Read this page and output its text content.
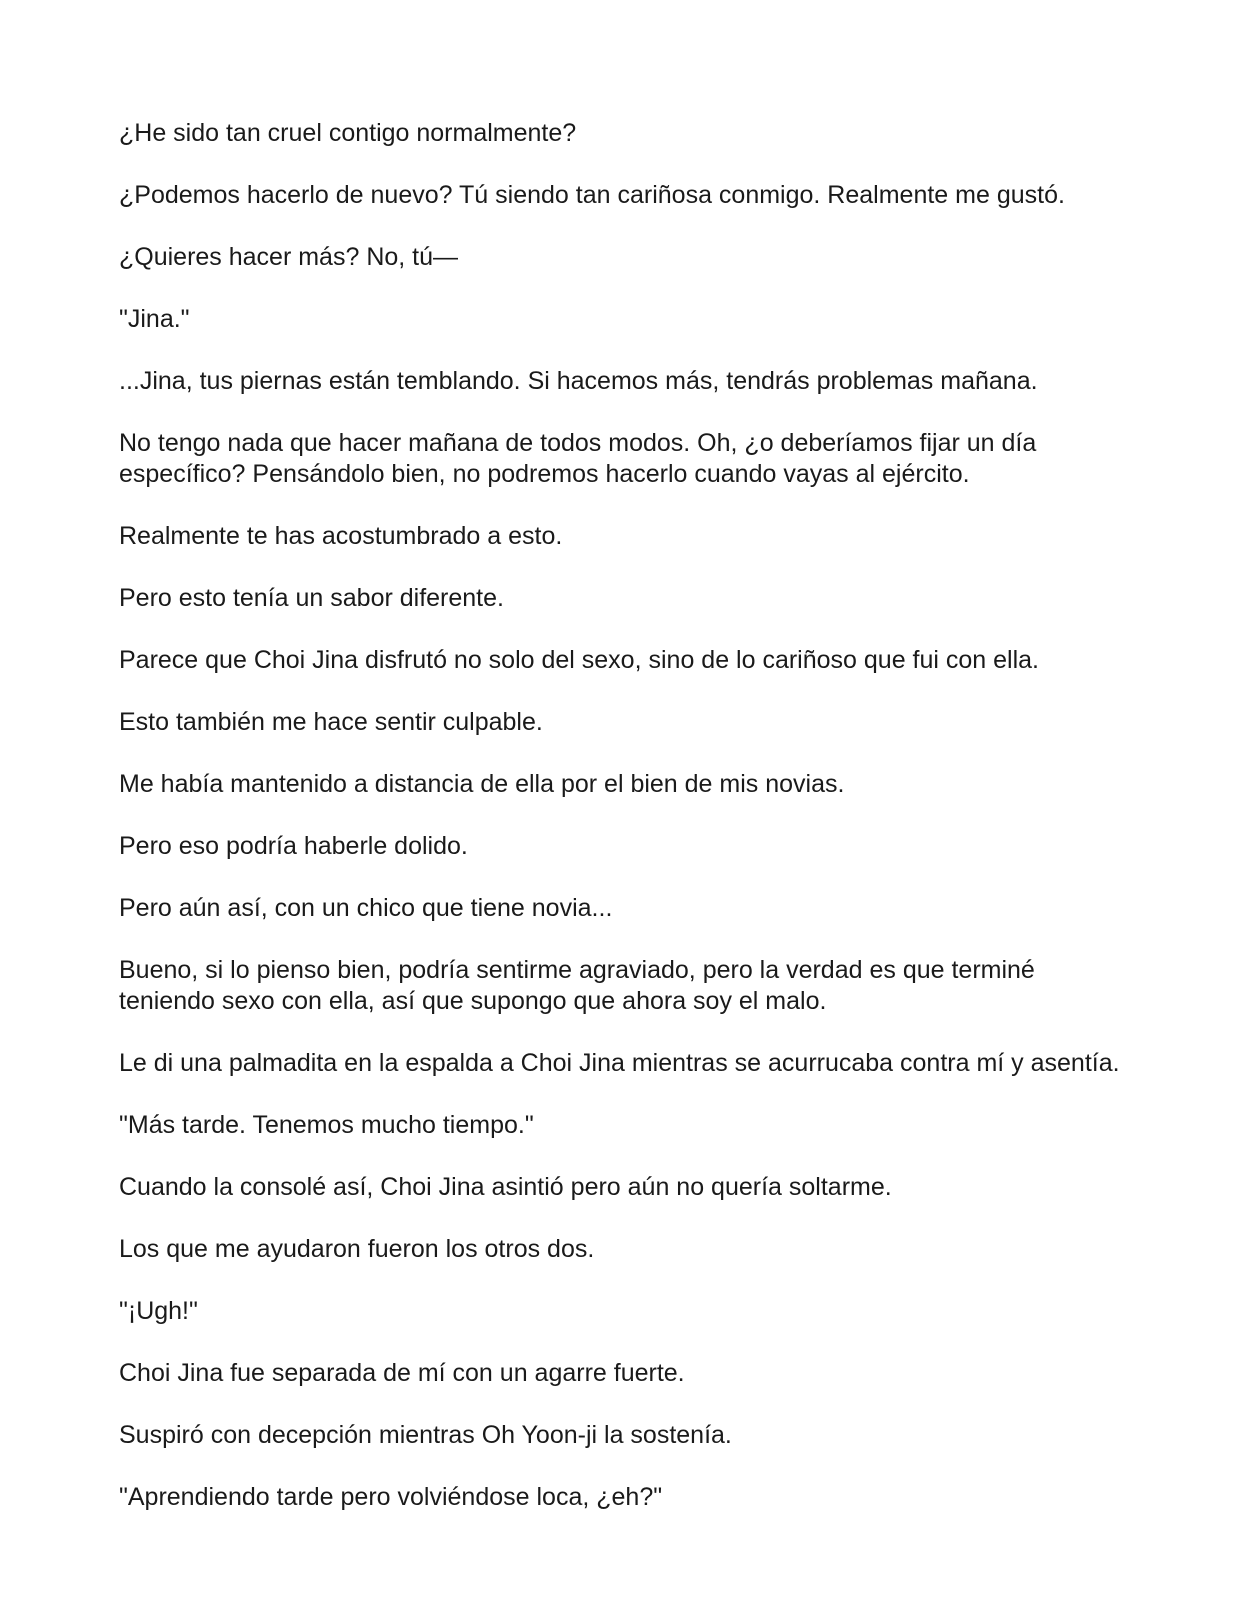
¿He sido tan cruel contigo normalmente?

¿Podemos hacerlo de nuevo? Tú siendo tan cariñosa conmigo. Realmente me gustó.

¿Quieres hacer más? No, tú—

"Jina."

...Jina, tus piernas están temblando. Si hacemos más, tendrás problemas mañana.

No tengo nada que hacer mañana de todos modos. Oh, ¿o deberíamos fijar un día específico? Pensándolo bien, no podremos hacerlo cuando vayas al ejército.

Realmente te has acostumbrado a esto.

Pero esto tenía un sabor diferente.

Parece que Choi Jina disfrutó no solo del sexo, sino de lo cariñoso que fui con ella.

Esto también me hace sentir culpable.

Me había mantenido a distancia de ella por el bien de mis novias.

Pero eso podría haberle dolido.

Pero aún así, con un chico que tiene novia...

Bueno, si lo pienso bien, podría sentirme agraviado, pero la verdad es que terminé teniendo sexo con ella, así que supongo que ahora soy el malo.

Le di una palmadita en la espalda a Choi Jina mientras se acurrucaba contra mí y asentía.

"Más tarde. Tenemos mucho tiempo."

Cuando la consolé así, Choi Jina asintió pero aún no quería soltarme.

Los que me ayudaron fueron los otros dos.

"¡Ugh!"

Choi Jina fue separada de mí con un agarre fuerte.

Suspiró con decepción mientras Oh Yoon-ji la sostenía.

"Aprendiendo tarde pero volviéndose loca, ¿eh?"
